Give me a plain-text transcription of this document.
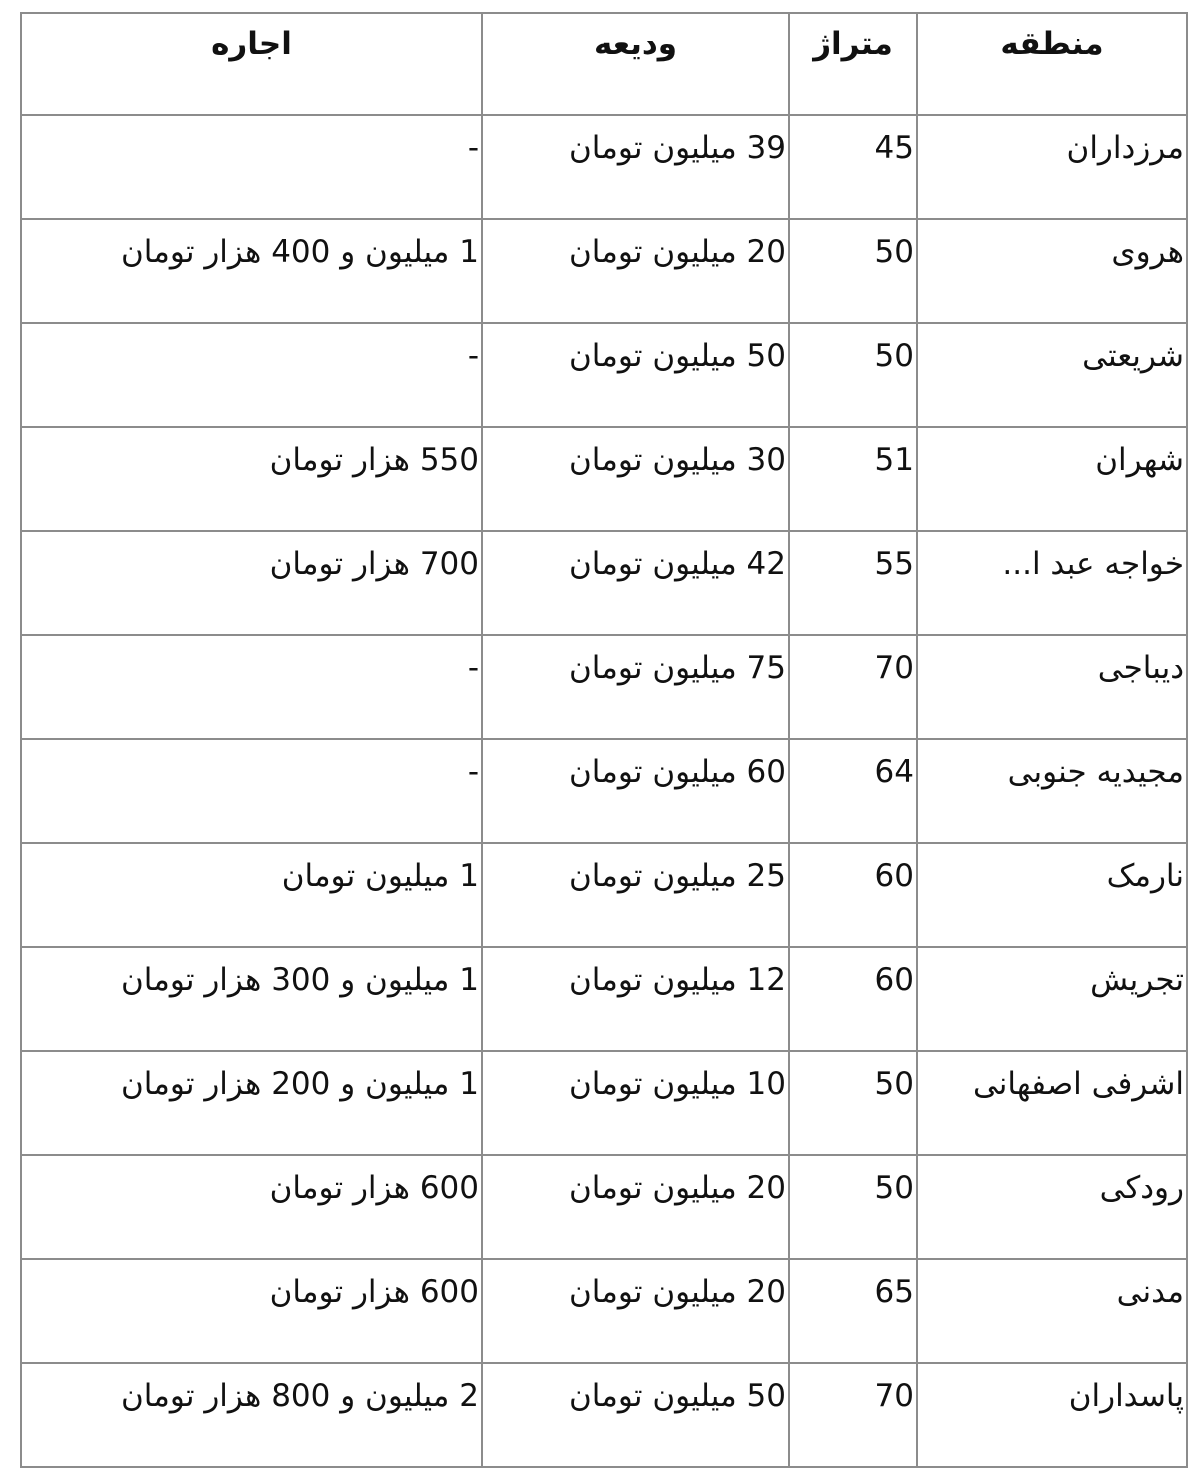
منطقه	متراژ	ودیعه	اجاره
مرزداران	45	39 میلیون تومان	-
هروی	50	20 میلیون تومان	1 میلیون و 400 هزار تومان
شریعتی	50	50 میلیون تومان	-
شهران	51	30 میلیون تومان	550 هزار تومان
خواجه عبد ا...	55	42 میلیون تومان	700 هزار تومان
دیباجی	70	75 میلیون تومان	-
مجیدیه جنوبی	64	60 میلیون تومان	-
نارمک	60	25 میلیون تومان	1 میلیون تومان
تجریش	60	12 میلیون تومان	1 میلیون و 300 هزار تومان
اشرفی اصفهانی	50	10 میلیون تومان	1 میلیون و 200 هزار تومان
رودکی	50	20 میلیون تومان	600 هزار تومان
مدنی	65	20 میلیون تومان	600 هزار تومان
پاسداران	70	50 میلیون تومان	2 میلیون و 800 هزار تومان
